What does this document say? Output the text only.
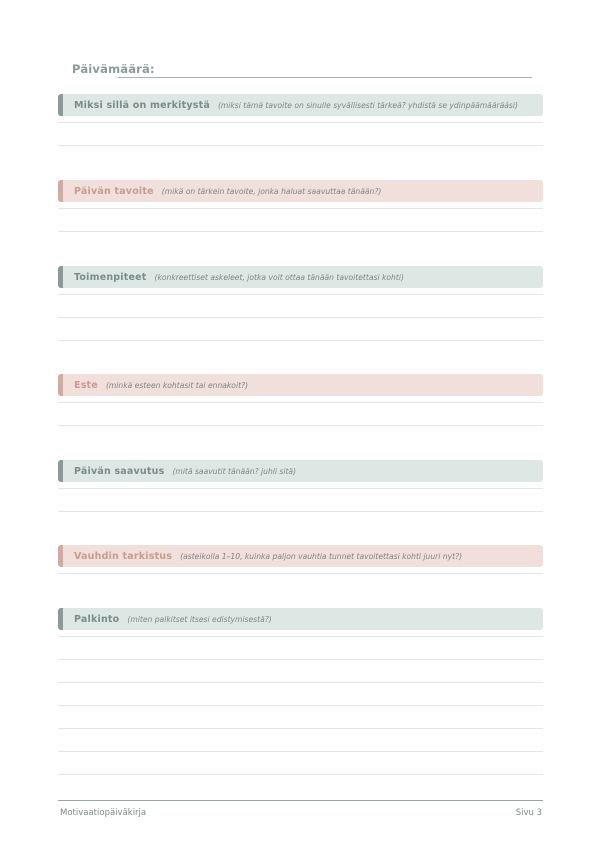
Päivämäärä:
Miksi sillä on merkitystä (miksi tämä tavoite on sinulle syvällisesti tärkeä? yhdistä se ydinpäämääräási)
Päivän tavoite (mikä on tärkein tavoite, jonka haluat saavuttaa tänään?)
Toimenpiteet (konkreettiset askeleet, jotka voit ottaa tänään tavoitettasi kohti)
Este (minkä esteen kohtasit tai ennakoit?)
Päivän saavutus (mitä saavutit tänään? juhli sitä)
Vauhdin tarkistus (asteikolla 1–10, kuinka paljon vauhtia tunnet tavoitettasi kohti juuri nyt?)
Palkinto (miten palkitset itsesi edistymisestä?)
Motivaatiopäiväkirja	Sivu 3
